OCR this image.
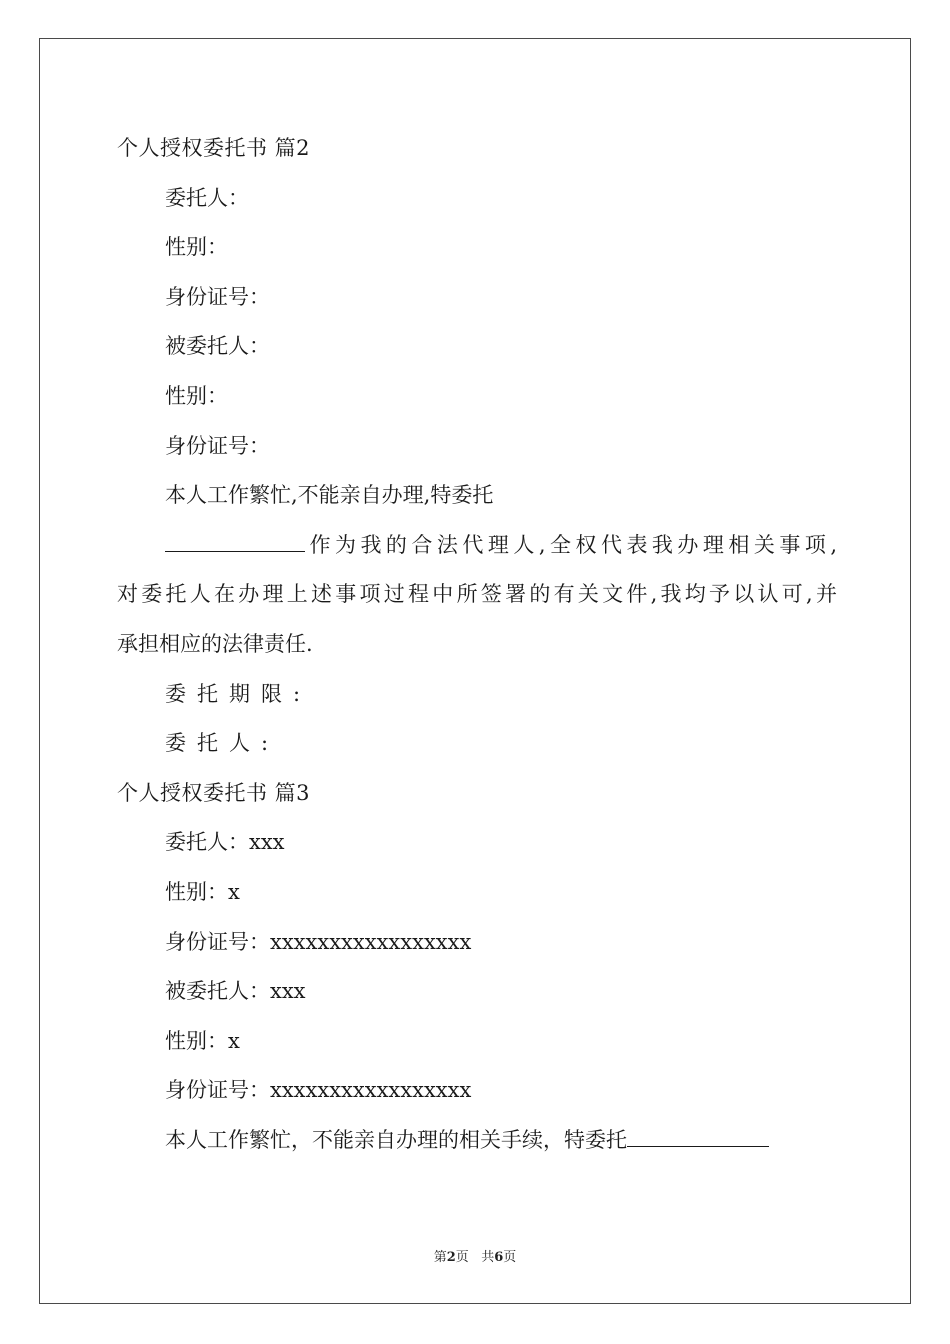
个人授权委托书 篇2
委托人：
性别：
身份证号：
被委托人：
性别：
身份证号：
本人工作繁忙,不能亲自办理,特委托
作为我的合法代理人,全权代表我办理相关事项,
对委托人在办理上述事项过程中所签署的有关文件,我均予以认可,并
承担相应的法律责任.
委托期限:
委托人:
个人授权委托书 篇3
委托人：xxx
性别：x
身份证号：xxxxxxxxxxxxxxxxx
被委托人：xxx
性别：x
身份证号：xxxxxxxxxxxxxxxxx
本人工作繁忙，不能亲自办理的相关手续，特委托
第2页 共6页
